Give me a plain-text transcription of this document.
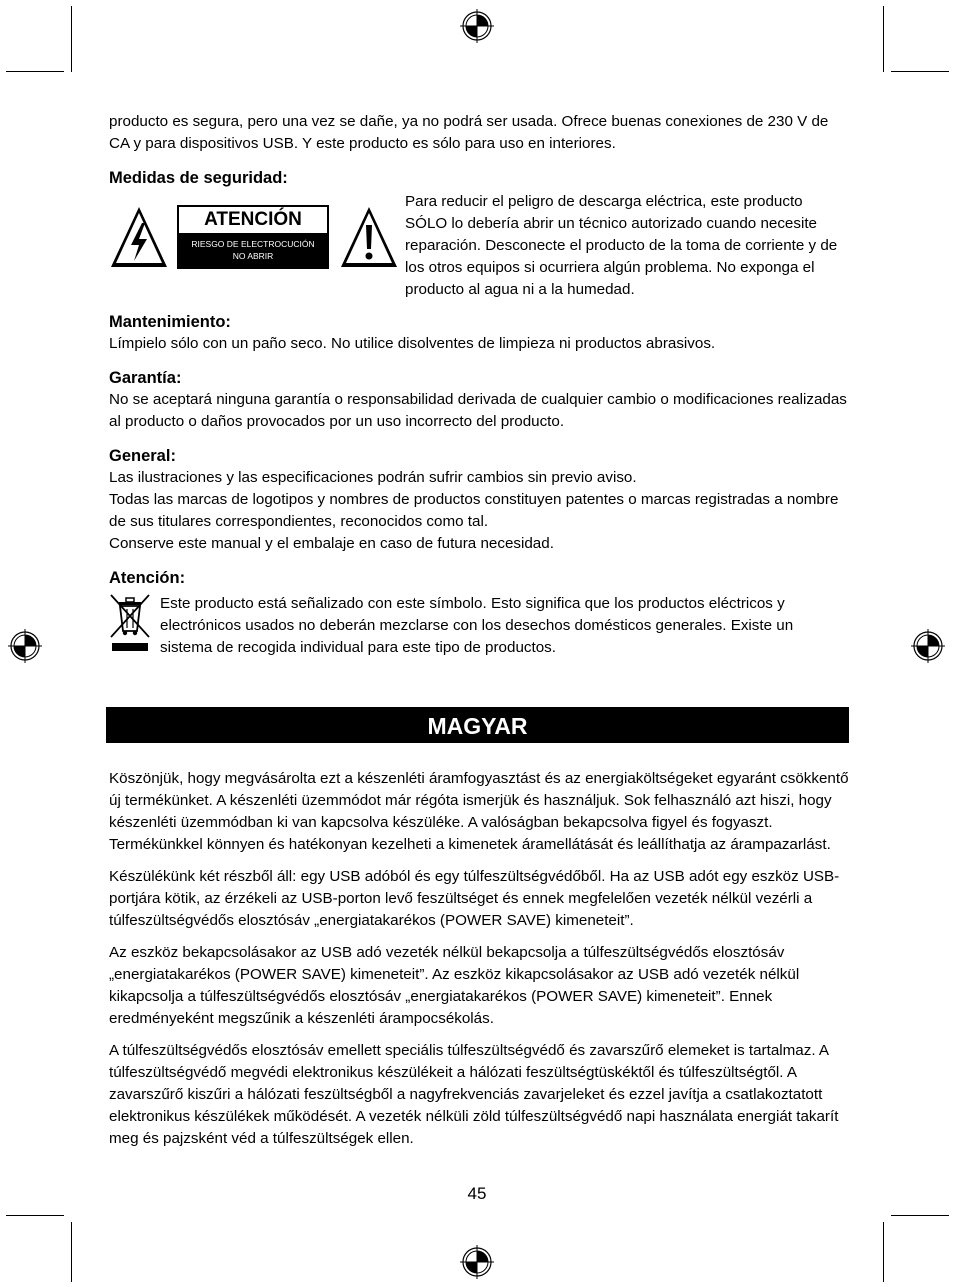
producto es segura, pero una vez se dañe, ya no podrá ser usada. Ofrece buenas conexiones de 230 V de CA y para dispositivos USB. Y este producto es sólo para uso en interiores.

Medidas de seguridad:
ATENCIÓN
RIESGO DE ELECTROCUCIÓN
NO ABRIR

Para reducir el peligro de descarga eléctrica, este producto SÓLO lo debería abrir un técnico autorizado cuando necesite reparación. Desconecte el producto de la toma de corriente y de los otros equipos si ocurriera algún problema. No exponga el producto al agua ni a la humedad.

Mantenimiento:

Límpielo sólo con un paño seco. No utilice disolventes de limpieza ni productos abrasivos.

Garantía:

No se aceptará ninguna garantía o responsabilidad derivada de cualquier cambio o modificaciones realizadas al producto o daños provocados por un uso incorrecto del producto.

General:

Las ilustraciones y las especificaciones podrán sufrir cambios sin previo aviso.

Todas las marcas de logotipos y nombres de productos constituyen patentes o marcas registradas a nombre de sus titulares correspondientes, reconocidos como tal.

Conserve este manual y el embalaje en caso de futura necesidad.

Atención:

Este producto está señalizado con este símbolo. Esto significa que los productos eléctricos y electrónicos usados no deberán mezclarse con los desechos domésticos generales. Existe un sistema de recogida individual para este tipo de productos.

MAGYAR

Köszönjük, hogy megvásárolta ezt a készenléti áramfogyasztást és az energiaköltségeket egyaránt csökkentő új termékünket. A készenléti üzemmódot már régóta ismerjük és használjuk. Sok felhasználó azt hiszi, hogy készenléti üzemmódban ki van kapcsolva készüléke. A valóságban bekapcsolva figyel és fogyaszt. Termékünkkel könnyen és hatékonyan kezelheti a kimenetek áramellátását és leállíthatja az árampazarlást.

Készülékünk két részből áll: egy USB adóból és egy túlfeszültségvédőből. Ha az USB adót egy eszköz USB-portjára kötik, az érzékeli az USB-porton levő feszültséget és ennek megfelelően vezeték nélkül vezérli a túlfeszültségvédős elosztósáv „energiatakarékos (POWER SAVE) kimeneteit”.

Az eszköz bekapcsolásakor az USB adó vezeték nélkül bekapcsolja a túlfeszültségvédős elosztósáv „energiatakarékos (POWER SAVE) kimeneteit”. Az eszköz kikapcsolásakor az USB adó vezeték nélkül kikapcsolja a túlfeszültségvédős elosztósáv „energiatakarékos (POWER SAVE) kimeneteit”. Ennek eredményeként megszűnik a készenléti árampocsékolás.

A túlfeszültségvédős elosztósáv emellett speciális túlfeszültségvédő és zavarszűrő elemeket is tartalmaz. A túlfeszültségvédő megvédi elektronikus készülékeit a hálózati feszültségtüskéktől és túlfeszültségtől. A zavarszűrő kiszűri a hálózati feszültségből a nagyfrekvenciás zavarjeleket és ezzel javítja a csatlakoztatott elektronikus készülékek működését. A vezeték nélküli zöld túlfeszültségvédő napi használata energiát takarít meg és pajzsként véd a túlfeszültségek ellen.

45
